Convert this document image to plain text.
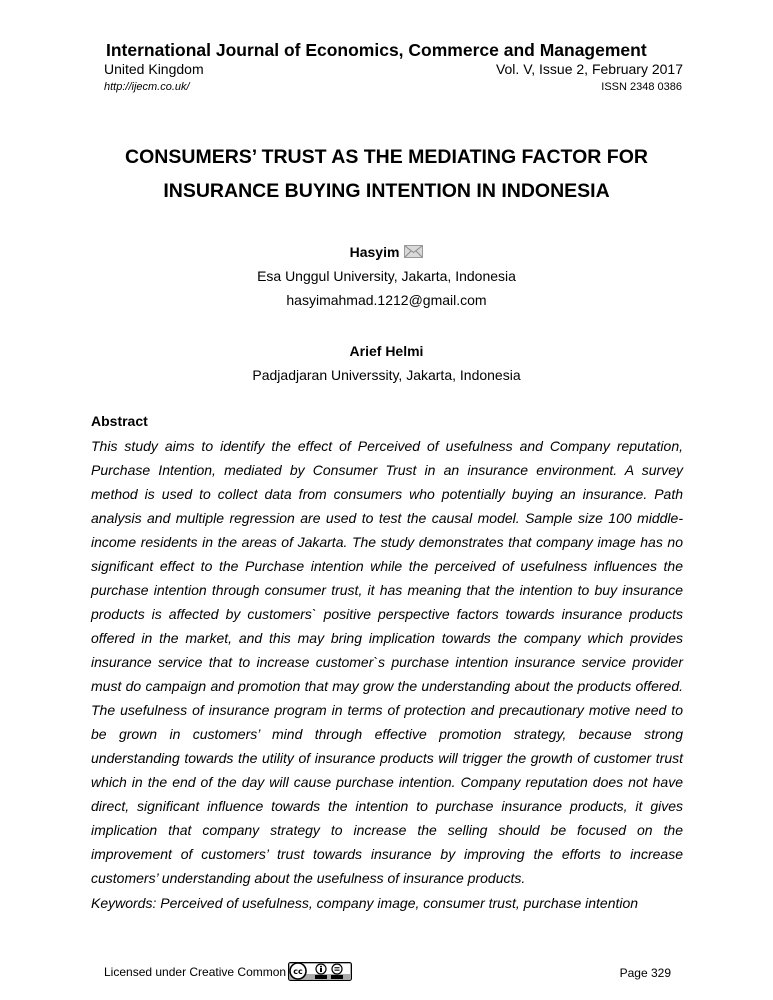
International Journal of Economics, Commerce and Management
United Kingdom	Vol. V, Issue 2, February 2017
http://ijecm.co.uk/	ISSN 2348 0386
CONSUMERS’ TRUST AS THE MEDIATING FACTOR FOR
INSURANCE BUYING INTENTION IN INDONESIA
Hasyim
Esa Unggul University, Jakarta, Indonesia
hasyimahmad.1212@gmail.com
Arief Helmi
Padjadjaran Universsity, Jakarta, Indonesia
Abstract

This study aims to identify the effect of Perceived of usefulness and Company reputation, Purchase Intention, mediated by Consumer Trust in an insurance environment. A survey method is used to collect data from consumers who potentially buying an insurance. Path analysis and multiple regression are used to test the causal model. Sample size 100 middle-income residents in the areas of Jakarta. The study demonstrates that company image has no significant effect to the Purchase intention while the perceived of usefulness influences the purchase intention through consumer trust, it has meaning that the intention to buy insurance products is affected by customers` positive perspective factors towards insurance products offered in the market, and this may bring implication towards the company which provides insurance service that to increase customer`s purchase intention insurance service provider must do campaign and promotion that may grow the understanding about the products offered. The usefulness of insurance program in terms of protection and precautionary motive need to be grown in customers’ mind through effective promotion strategy, because strong understanding towards the utility of insurance products will trigger the growth of customer trust which in the end of the day will cause purchase intention. Company reputation does not have direct, significant influence towards the intention to purchase insurance products, it gives implication that company strategy to increase the selling should be focused on the improvement of customers’ trust towards insurance by improving the efforts to increase customers’ understanding about the usefulness of insurance products.

Keywords: Perceived of usefulness, company image, consumer trust, purchase intention
Licensed under Creative Common cc	Page 329
